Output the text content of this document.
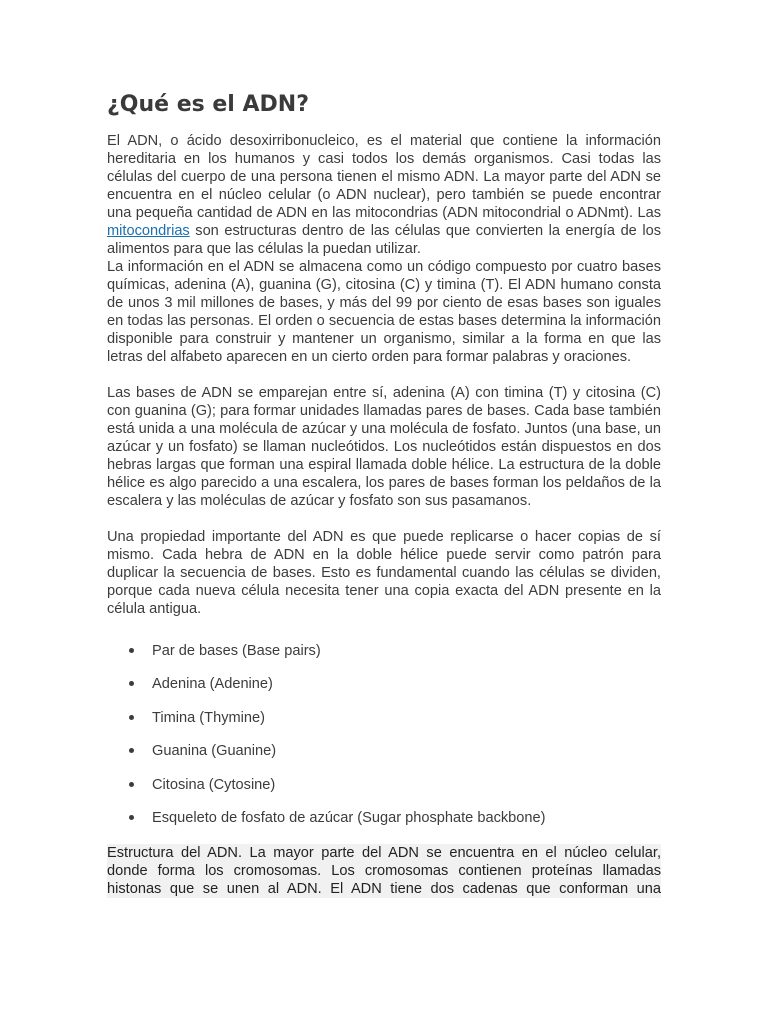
¿Qué es el ADN?

El ADN, o ácido desoxirribonucleico, es el material que contiene la información hereditaria en los humanos y casi todos los demás organismos. Casi todas las células del cuerpo de una persona tienen el mismo ADN. La mayor parte del ADN se encuentra en el núcleo celular (o ADN nuclear), pero también se puede encontrar una pequeña cantidad de ADN en las mitocondrias (ADN mitocondrial o ADNmt). Las mitocondrias son estructuras dentro de las células que convierten la energía de los alimentos para que las células la puedan utilizar.

La información en el ADN se almacena como un código compuesto por cuatro bases químicas, adenina (A), guanina (G), citosina (C) y timina (T). El ADN humano consta de unos 3 mil millones de bases, y más del 99 por ciento de esas bases son iguales en todas las personas. El orden o secuencia de estas bases determina la información disponible para construir y mantener un organismo, similar a la forma en que las letras del alfabeto aparecen en un cierto orden para formar palabras y oraciones.

Las bases de ADN se emparejan entre sí, adenina (A) con timina (T) y citosina (C) con guanina (G); para formar unidades llamadas pares de bases. Cada base también está unida a una molécula de azúcar y una molécula de fosfato. Juntos (una base, un azúcar y un fosfato) se llaman nucleótidos. Los nucleótidos están dispuestos en dos hebras largas que forman una espiral llamada doble hélice. La estructura de la doble hélice es algo parecido a una escalera, los pares de bases forman los peldaños de la escalera y las moléculas de azúcar y fosfato son sus pasamanos.

Una propiedad importante del ADN es que puede replicarse o hacer copias de sí mismo. Cada hebra de ADN en la doble hélice puede servir como patrón para duplicar la secuencia de bases. Esto es fundamental cuando las células se dividen, porque cada nueva célula necesita tener una copia exacta del ADN presente en la célula antigua.

Par de bases (Base pairs)
Adenina (Adenine)
Timina (Thymine)
Guanina (Guanine)
Citosina (Cytosine)
Esqueleto de fosfato de azúcar (Sugar phosphate backbone)

Estructura del ADN. La mayor parte del ADN se encuentra en el núcleo celular, donde forma los cromosomas. Los cromosomas contienen proteínas llamadas histonas que se unen al ADN. El ADN tiene dos cadenas que conforman una
